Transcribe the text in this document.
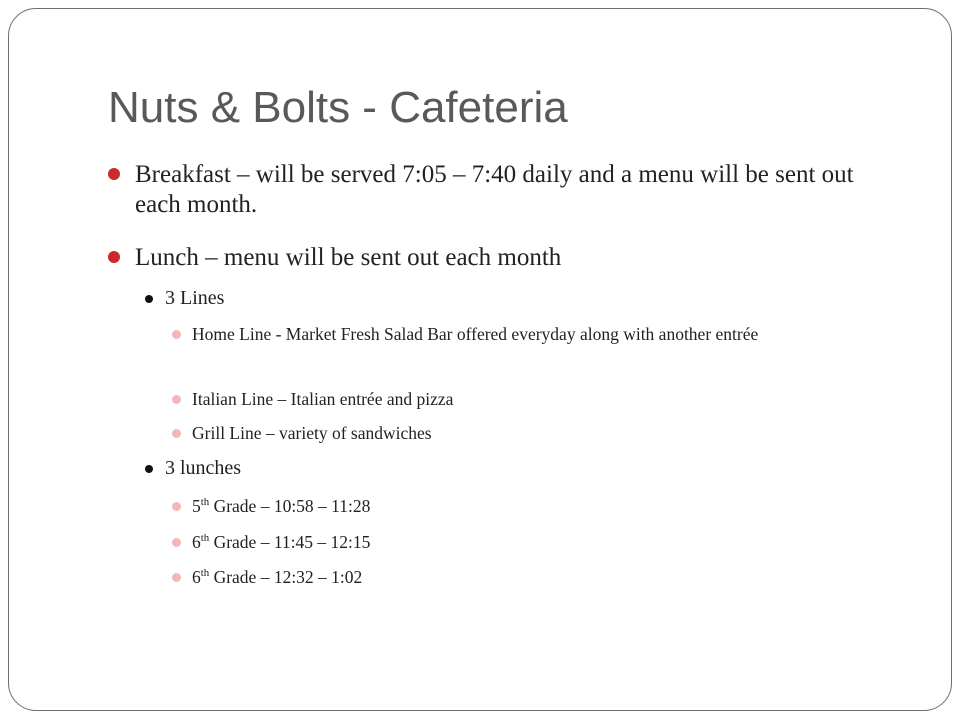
Nuts & Bolts - Cafeteria
Breakfast – will be served 7:05 – 7:40 daily and a menu will be sent out each month.
Lunch – menu will be sent out each month
3 Lines
Home Line - Market Fresh Salad Bar offered everyday along with another entrée
Italian Line – Italian entrée and pizza
Grill Line – variety of sandwiches
3 lunches
5th Grade – 10:58 – 11:28
6th Grade – 11:45 – 12:15
6th Grade – 12:32 – 1:02
